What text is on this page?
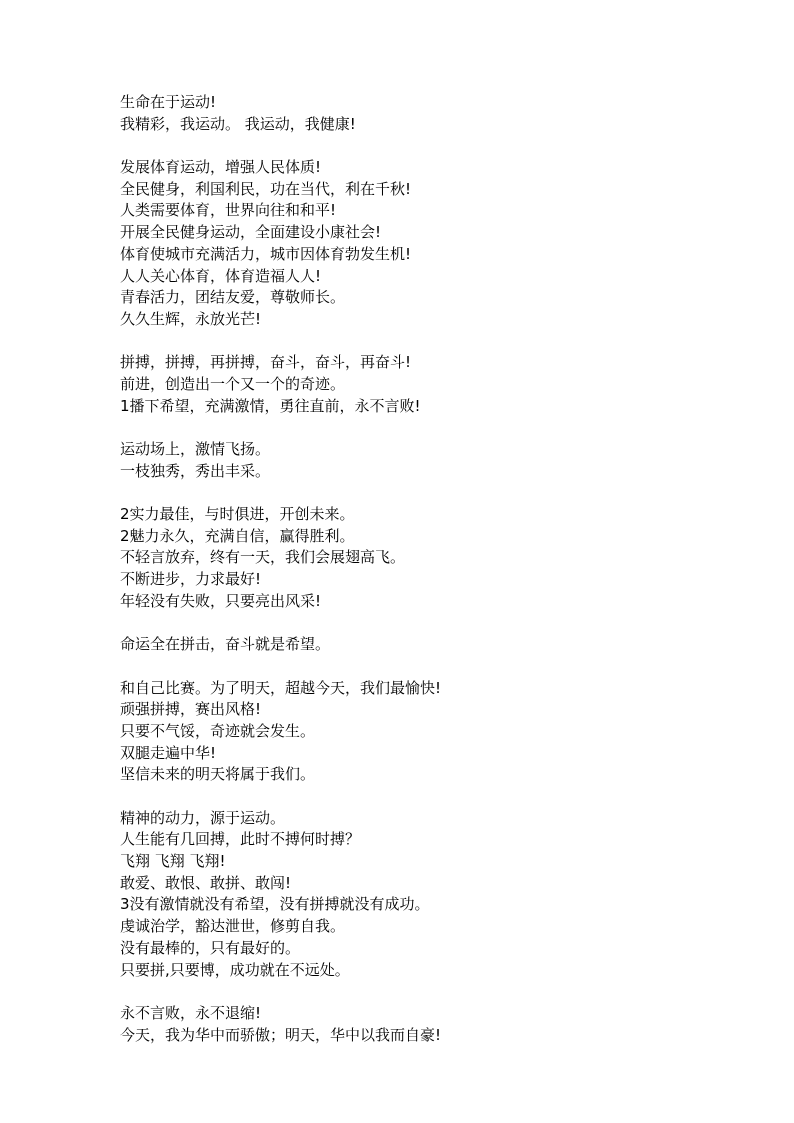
生命在于运动!
我精彩，我运动。 我运动，我健康!
发展体育运动，增强人民体质!
全民健身，利国利民，功在当代，利在千秋!
人类需要体育，世界向往和和平!
开展全民健身运动，全面建设小康社会!
体育使城市充满活力，城市因体育勃发生机!
人人关心体育，体育造福人人!
青春活力，团结友爱，尊敬师长。
久久生辉，永放光芒!
拼搏，拼搏，再拼搏，奋斗，奋斗，再奋斗!
前进，创造出一个又一个的奇迹。
1播下希望，充满激情，勇往直前，永不言败!
运动场上，激情飞扬。
一枝独秀，秀出丰采。
2实力最佳，与时俱进，开创未来。
2魅力永久，充满自信，赢得胜利。
不轻言放弃，终有一天，我们会展翅高飞。
不断进步，力求最好!
年轻没有失败，只要亮出风采!
命运全在拼击，奋斗就是希望。
和自己比赛。为了明天，超越今天，我们最愉快!
顽强拼搏，赛出风格!
只要不气馁，奇迹就会发生。
双腿走遍中华!
坚信未来的明天将属于我们。
精神的动力，源于运动。
人生能有几回搏，此时不搏何时搏？
飞翔 飞翔 飞翔!
敢爱、敢恨、敢拼、敢闯!
3没有激情就没有希望，没有拼搏就没有成功。
虔诚治学，豁达泄世，修剪自我。
没有最棒的，只有最好的。
只要拼,只要博，成功就在不远处。
永不言败，永不退缩!
今天，我为华中而骄傲；明天，华中以我而自豪!
